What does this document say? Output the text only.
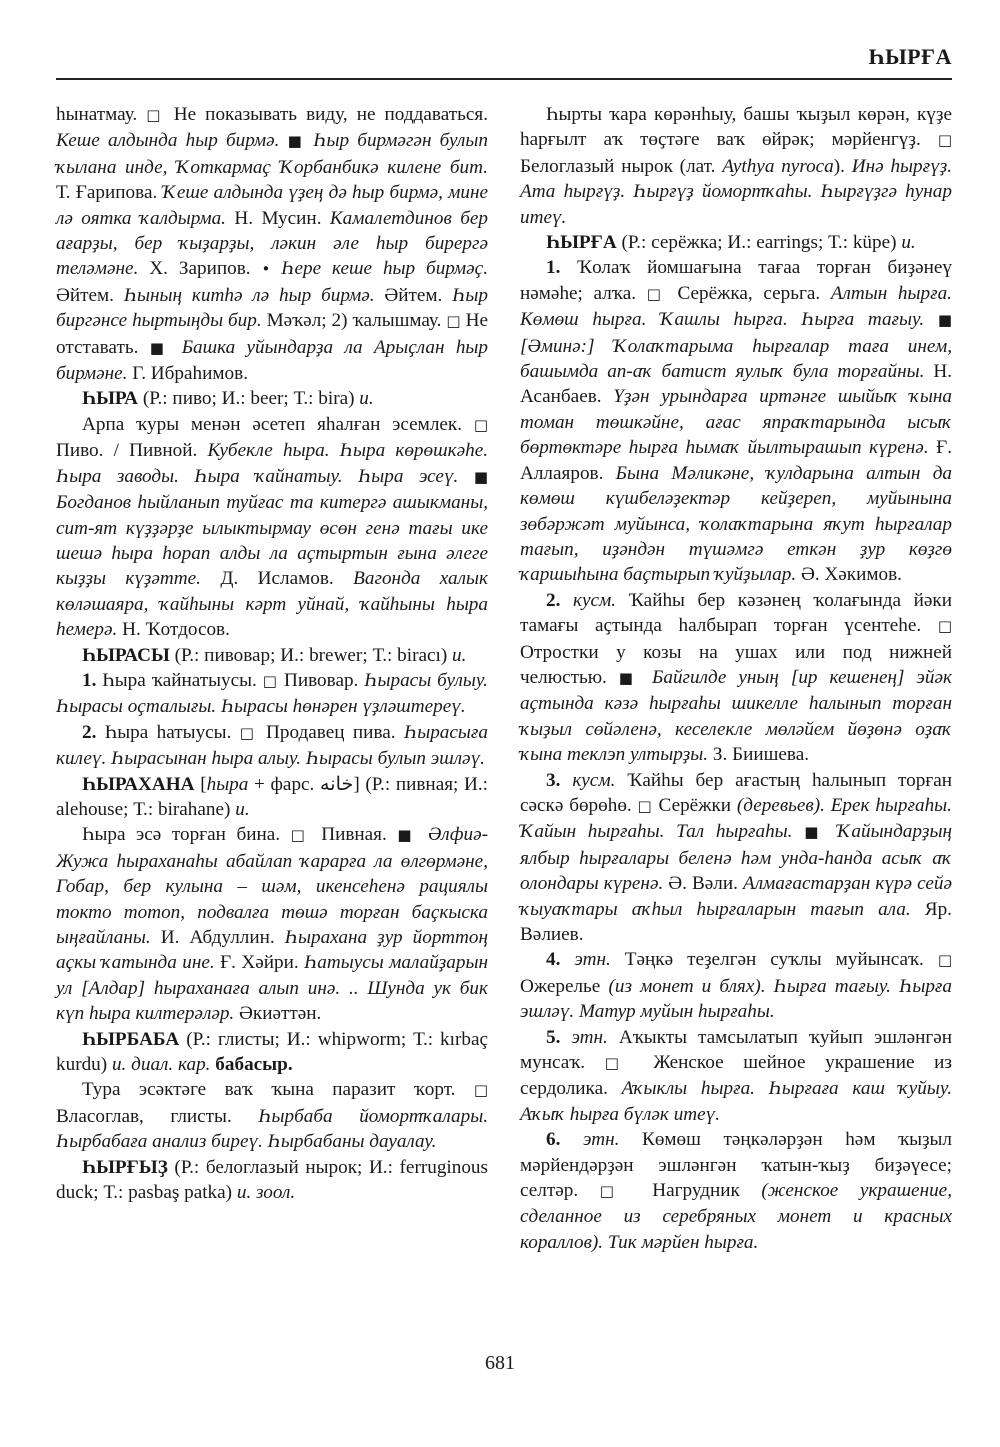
ҺЫРҒА

һынатмау. □ Не показывать виду, не поддаваться. Кеше алдында һыр бирмә. ■ Һыр бирмәгән булып ҡылана инде, Ҡоткармаҫ Ҡорбанбикә килене бит. Т. Ғарипова. Ҡеше алдында үҙең дә һыр бирмә, мине лә оятка ҡалдырма. Н. Мусин. Камалетдинов бер ағарҙы, бер ҡыҙарҙы, ләкин әле һыр бирергә теләмәне. Х. Зарипов. • Һере кеше һыр бирмәҫ. Әйтем. Һының китһә лә һыр бирмә. Әйтем. Һыр биргәнсе һыртыңды бир. Мәҡәл; 2) ҡалышмау. □ Не отставать. ■ Башка уйындарҙа ла Арыҫлан һыр бирмәне. Г. Ибраһимов.

ҺЫРА (Р.: пиво; И.: beer; Т.: bira) и.

Арпа ҡуры менән әсетеп яһалған эсемлек. □ Пиво. / Пивной. Кубекле һыра. Һыра көрөшкәһе. Һыра заводы. Һыра ҡайнатыу. Һыра эсеү. ■ Богданов һыйланып туйғас та китергә ашыкманы, сит-ят күҙҙәрҙе ылыктырмау өсөн генә тағы ике шешә һыра һорап алды ла аҫтыртын ғына әлеге кыҙҙы күҙәтте. Д. Исламов. Вагонда халык көләшаяра, ҡайһыны кәрт уйнай, ҡайһыны һыра һемерә. Н. Ҡотдосов.

ҺЫРАСЫ (Р.: пивовар; И.: brewer; Т.: biracı) и.

1. Һыра ҡайнатыусы. □ Пивовар. Һырасы булыу. Һырасы оҫталығы. Һырасы һөнәрен үҙләштереү.

2. Һыра һатыусы. □ Продавец пива. Һырасыға килеү. Һырасынан һыра алыу. Һырасы булып эшләү.

ҺЫРАХАНА [һыра + фарс. خانه] (Р.: пивная; И.: alehouse; Т.: birahane) и.

Һыра эсә торған бина. □ Пивная. ■ Әлфиә-Жужа һыраханаһы абайлап ҡарарға ла өлгөрмәне, Гобар, бер кулына – шәм, икенсеһенә рациялы токто тотоп, подвалға төшә торған баҫкыска ыңғайланы. И. Абдуллин. Һырахана ҙур йорттоң аҫкы ҡатында ине. Ғ. Хәйри. Һатыусы малайҙарын ул [Алдар] һыраханаға алып инә. .. Шунда ук бик күп һыра килтерәләр. Әкиәттән.

ҺЫРБАБА (Р.: глисты; И.: whipworm; Т.: kırbaç kurdu) и. диал. кар. бабасыр.

Тура эсәктәге ваҡ ҡына паразит ҡорт. □ Власоглав, глисты. Һырбаба йомортҡалары. Һырбабаға анализ биреү. Һырбабаны дауалау.

ҺЫРҒЫҘ (Р.: белоглазый нырок; И.: ferruginous duck; Т.: pasbaş patka) и. зоол.

Һырты ҡара көрәнһыу, башы ҡыҙыл көрән, күҙе һарғылт аҡ төҫтәге ваҡ өйрәк; мәрйенгүҙ. □ Белоглазый нырок (лат. Aythya nyroca). Инә һырғүҙ. Ата һырғүҙ. Һырғүҙ йомортҡаһы. Һырғүҙгә һунар итеү.

ҺЫРҒА (Р.: серёжка; И.: earrings; Т.: küpe) и.

1. Ҡолаҡ йомшағына тағаа торған биҙәнеү нәмәһе; алҡа. □ Серёжка, серьга. Алтын һырға. Көмөш һырға. Ҡашлы һырға. Һырға тағыу. ■ [Әминә:] Ҡолаҡтарыма һырғалар таға инем, башымда ап-аҡ батист яулыҡ була торғайны. Н. Асанбаев. Үҙән урындарға иртәнге шыйыҡ ҡына томан төшкәйне, ағас япраҡтарында ысыҡ бөртөктәре һырға һымаҡ йылтырашып күренә. Ғ. Аллаяров. Бына Мәликәне, ҡулдарына алтын да көмөш күшбеләҙектәр кейҙереп, муйынына зөбәржәт муйынса, ҡолаҡтарына яҡут һырғалар тағып, иҙәндән түшәмгә еткән ҙур көҙгө ҡаршыһына баҫтырып ҡуйҙылар. Ә. Хәкимов.

2. кусм. Ҡайһы бер кәзәнең ҡолағында йәки тамағы аҫтында һалбырап торған үсентеһе. □ Отростки у козы на ушах или под нижней челюстью. ■ Байгилде уның [ир кешенең] эйәк аҫтында кәзә һырғаһы шикелле һалынып торған ҡыҙыл сөйәленә, кеселекле мөләйем йөҙөнә оҙаҡ ҡына теклэп ултырҙы. З. Биишева.

3. кусм. Ҡайһы бер ағастың һалынып торған сәскә бөрөһө. □ Серёжки (деревьев). Ерек һырғаһы. Ҡайын һырғаһы. Тал һырғаһы. ■ Ҡайындарҙың ялбыр һырғалары беленә һәм унда-һанда асыҡ аҡ олондары күренә. Ә. Вәли. Алмағастарҙан күрә сейә ҡыуаҡтары аҡһыл һырғаларын тағып ала. Яр. Вәлиев.

4. этн. Тәңкә теҙелгән суҡлы муйынсаҡ. □ Ожерелье (из монет и блях). Һырға тағыу. Һырға эшләү. Матур муйын һырғаһы.

5. этн. Аҡыкты тамсылатып ҡуйып эшләнгән мунсаҡ. □ Женское шейное украшение из сердолика. Аҡыклы һырға. Һырғаға каш ҡуйыу. Аҡыҡ һырға бүләк итеү.

6. этн. Көмөш тәңкәләрҙән һәм ҡыҙыл мәрйендәрҙән эшләнгән ҡатын-ҡыҙ биҙәүесе; селтәр. □ Нагрудник (женское украшение, сделанное из серебряных монет и красных кораллов). Тик мәрйен һырға.

681
